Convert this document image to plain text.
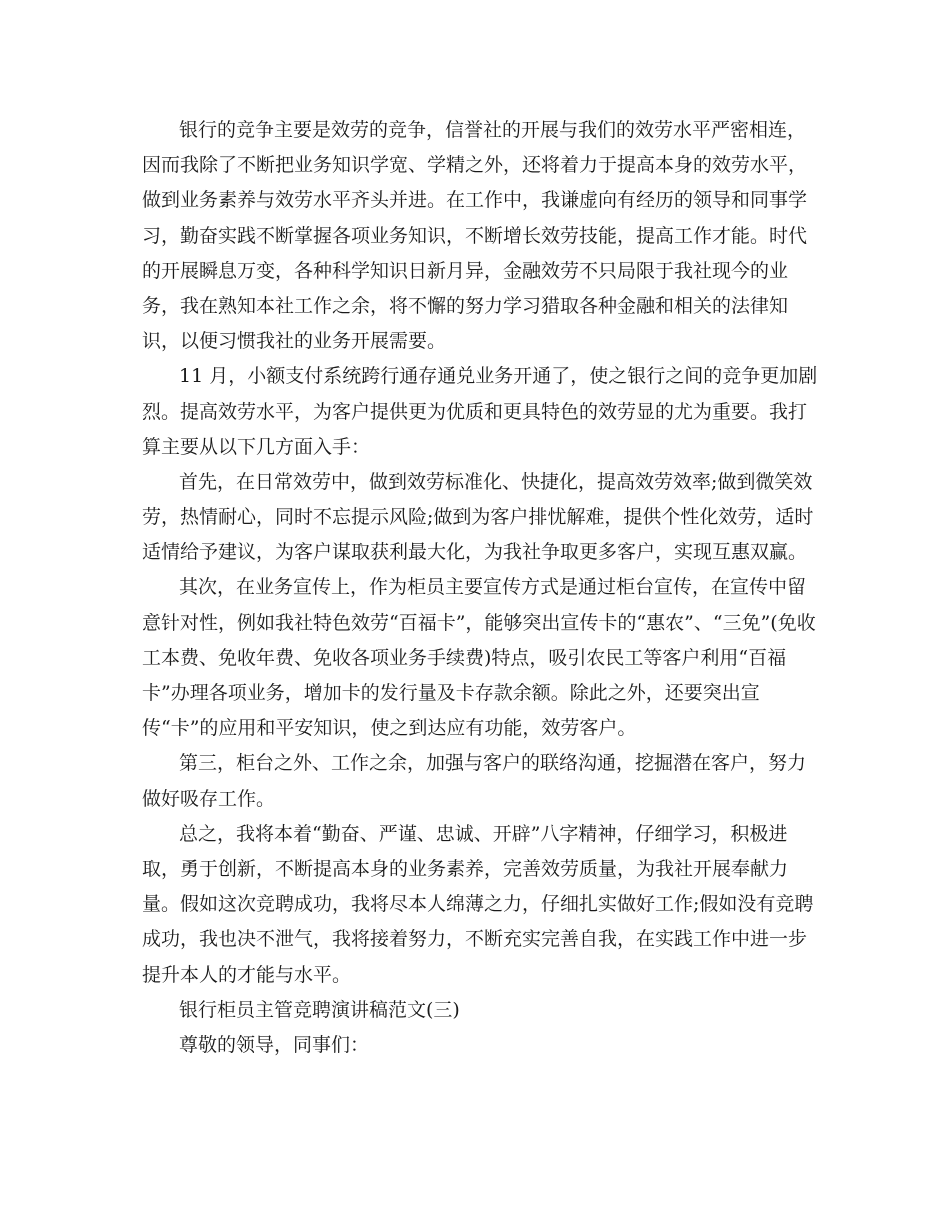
银行的竞争主要是效劳的竞争，信誉社的开展与我们的效劳水平严密相连，
因而我除了不断把业务知识学宽、学精之外，还将着力于提高本身的效劳水平，
做到业务素养与效劳水平齐头并进。在工作中，我谦虚向有经历的领导和同事学
习，勤奋实践不断掌握各项业务知识，不断增长效劳技能，提高工作才能。时代
的开展瞬息万变，各种科学知识日新月异，金融效劳不只局限于我社现今的业
务，我在熟知本社工作之余，将不懈的努力学习猎取各种金融和相关的法律知
识，以便习惯我社的业务开展需要。
11 月，小额支付系统跨行通存通兑业务开通了，使之银行之间的竞争更加剧
烈。提高效劳水平，为客户提供更为优质和更具特色的效劳显的尤为重要。我打
算主要从以下几方面入手：
首先，在日常效劳中，做到效劳标准化、快捷化，提高效劳效率;做到微笑效
劳，热情耐心，同时不忘提示风险;做到为客户排忧解难，提供个性化效劳，适时
适情给予建议，为客户谋取获利最大化，为我社争取更多客户，实现互惠双赢。
其次，在业务宣传上，作为柜员主要宣传方式是通过柜台宣传，在宣传中留
意针对性，例如我社特色效劳“百福卡”，能够突出宣传卡的“惠农”、“三免”(免收
工本费、免收年费、免收各项业务手续费)特点，吸引农民工等客户利用“百福
卡”办理各项业务，增加卡的发行量及卡存款余额。除此之外，还要突出宣
传“卡”的应用和平安知识，使之到达应有功能，效劳客户。
第三，柜台之外、工作之余，加强与客户的联络沟通，挖掘潜在客户，努力
做好吸存工作。
总之，我将本着“勤奋、严谨、忠诚、开辟”八字精神，仔细学习，积极进
取，勇于创新，不断提高本身的业务素养，完善效劳质量，为我社开展奉献力
量。假如这次竞聘成功，我将尽本人绵薄之力，仔细扎实做好工作;假如没有竞聘
成功，我也决不泄气，我将接着努力，不断充实完善自我，在实践工作中进一步
提升本人的才能与水平。
银行柜员主管竞聘演讲稿范文(三)
尊敬的领导，同事们：
